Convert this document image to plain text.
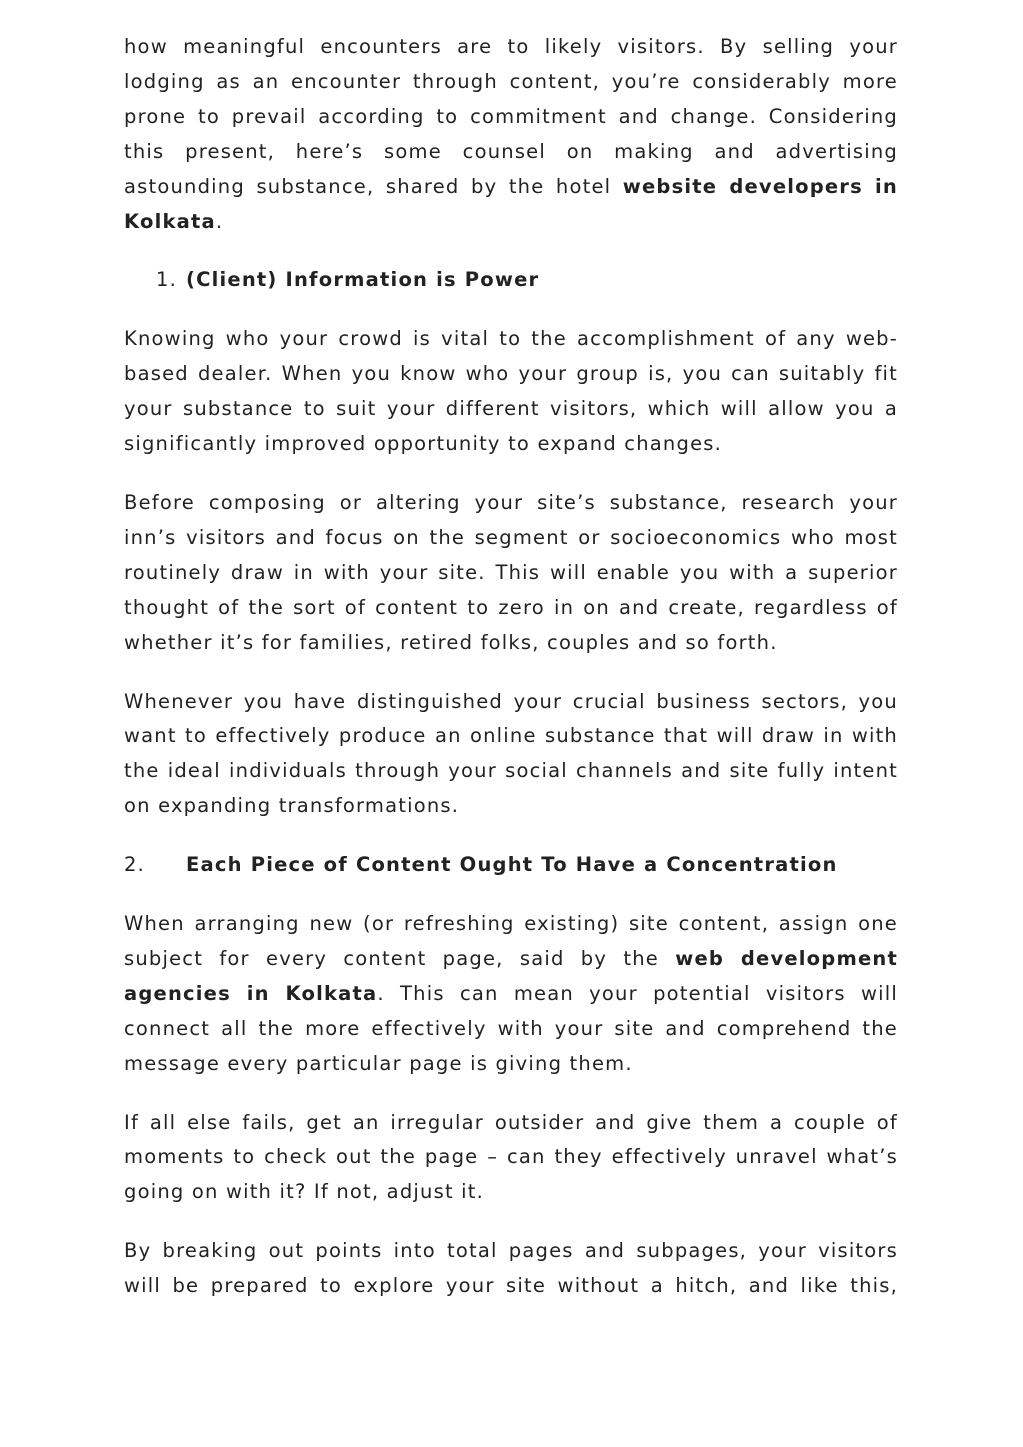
how meaningful encounters are to likely visitors. By selling your lodging as an encounter through content, you’re considerably more prone to prevail according to commitment and change. Considering this present, here’s some counsel on making and advertising astounding substance, shared by the hotel website developers in Kolkata.

1. (Client) Information is Power

Knowing who your crowd is vital to the accomplishment of any web-based dealer. When you know who your group is, you can suitably fit your substance to suit your different visitors, which will allow you a significantly improved opportunity to expand changes.

Before composing or altering your site’s substance, research your inn’s visitors and focus on the segment or socioeconomics who most routinely draw in with your site. This will enable you with a superior thought of the sort of content to zero in on and create, regardless of whether it’s for families, retired folks, couples and so forth.

Whenever you have distinguished your crucial business sectors, you want to effectively produce an online substance that will draw in with the ideal individuals through your social channels and site fully intent on expanding transformations.

2.	Each Piece of Content Ought To Have a Concentration

When arranging new (or refreshing existing) site content, assign one subject for every content page, said by the web development agencies in Kolkata. This can mean your potential visitors will connect all the more effectively with your site and comprehend the message every particular page is giving them.

If all else fails, get an irregular outsider and give them a couple of moments to check out the page – can they effectively unravel what’s going on with it? If not, adjust it.

By breaking out points into total pages and subpages, your visitors will be prepared to explore your site without a hitch, and like this,
